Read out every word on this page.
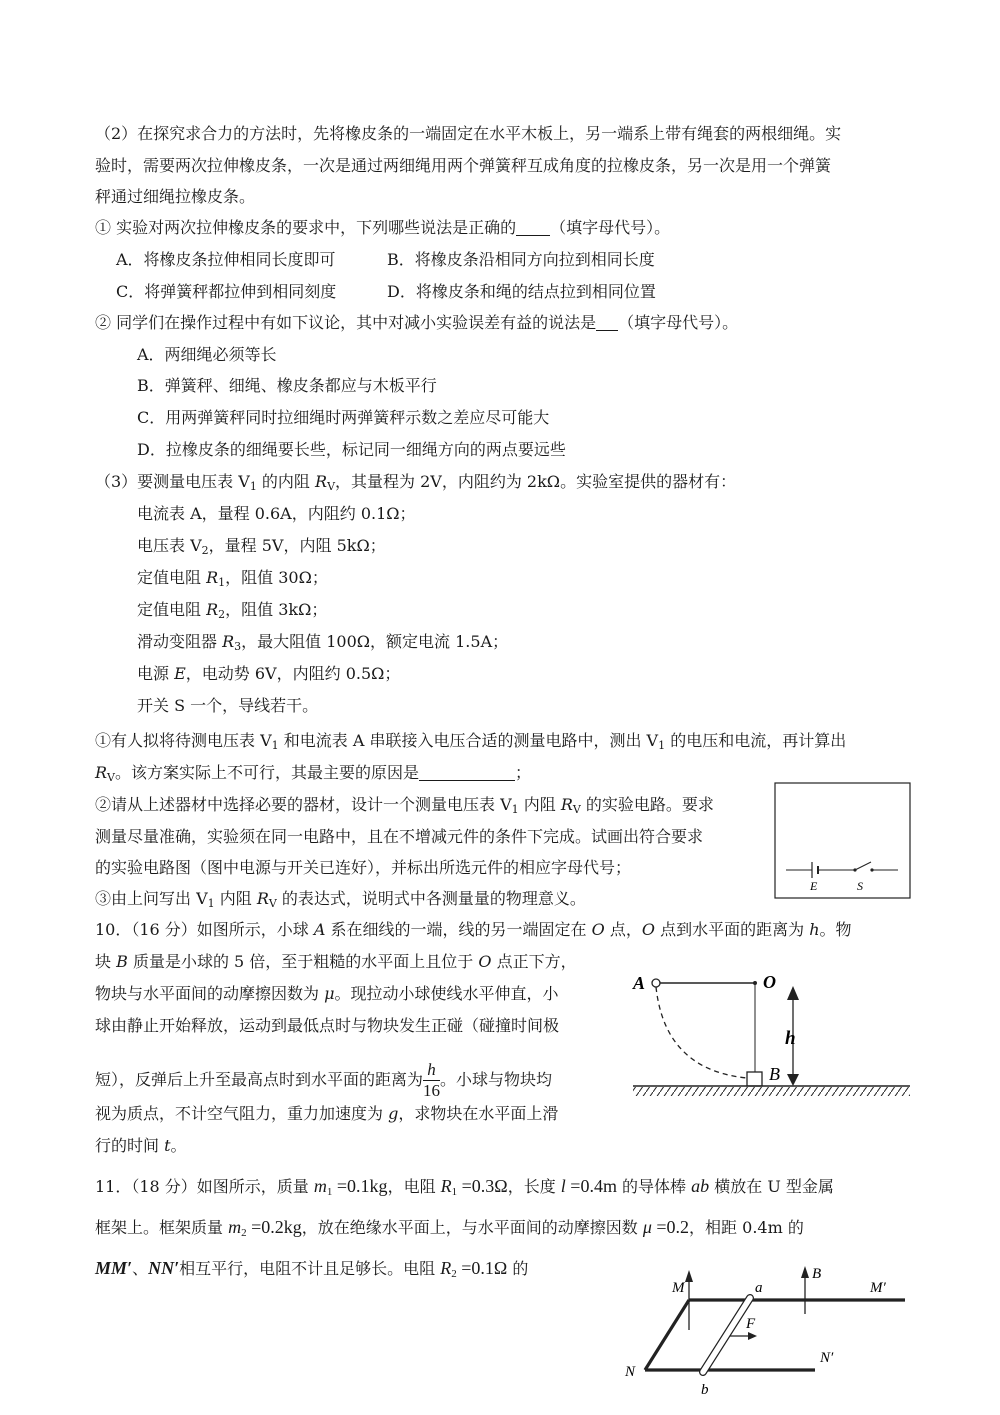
（2）在探究求合力的方法时，先将橡皮条的一端固定在水平木板上，另一端系上带有绳套的两根细绳。实
验时，需要两次拉伸橡皮条，一次是通过两细绳用两个弹簧秤互成角度的拉橡皮条，另一次是用一个弹簧
秤通过细绳拉橡皮条。
① 实验对两次拉伸橡皮条的要求中，下列哪些说法是正确的 （填字母代号）。
A．将橡皮条拉伸相同长度即可	B．将橡皮条沿相同方向拉到相同长度
C．将弹簧秤都拉伸到相同刻度	D．将橡皮条和绳的结点拉到相同位置
② 同学们在操作过程中有如下议论，其中对减小实验误差有益的说法是 （填字母代号）。
A．两细绳必须等长
B．弹簧秤、细绳、橡皮条都应与木板平行
C．用两弹簧秤同时拉细绳时两弹簧秤示数之差应尽可能大
D．拉橡皮条的细绳要长些，标记同一细绳方向的两点要远些
（3）要测量电压表 $V_1$ 的内阻 $R_V$，其量程为 2V，内阻约为 2kΩ。实验室提供的器材有：
电流表 A，量程 0.6A，内阻约 0.1Ω；
电压表 $V_2$，量程 5V，内阻 5kΩ；
定值电阻 $R_1$，阻值 30Ω；
定值电阻 $R_2$，阻值 3kΩ；
滑动变阻器 $R_3$，最大阻值 100Ω，额定电流 1.5A；
电源 E，电动势 6V，内阻约 0.5Ω；
开关 S 一个，导线若干。
①有人拟将待测电压表 $V_1$ 和电流表 A 串联接入电压合适的测量电路中，测出 $V_1$ 的电压和电流，再计算出
$R_V$。该方案实际上不可行，其最主要的原因是	；
②请从上述器材中选择必要的器材，设计一个测量电压表 $V_1$ 内阻 $R_V$ 的实验电路。要求
测量尽量准确，实验须在同一电路中，且在不增减元件的条件下完成。试画出符合要求
的实验电路图（图中电源与开关已连好），并标出所选元件的相应字母代号；
③由上问写出 $V_1$ 内阻 $R_V$ 的表达式，说明式中各测量量的物理意义。
E	S
10．（16 分）如图所示，小球 A 系在细线的一端，线的另一端固定在 O 点，O 点到水平面的距离为 h。物
块 B 质量是小球的 5 倍，至于粗糙的水平面上且位于 O 点正下方，
物块与水平面间的动摩擦因数为 μ。现拉动小球使线水平伸直，小
球由静止开始释放，运动到最低点时与物块发生正碰（碰撞时间极
短），反弹后上升至最高点时到水平面的距离为 $\frac{h}{16}$ 。小球与物块均
视为质点，不计空气阻力，重力加速度为 g，求物块在水平面上滑
行的时间 t。
A	O
B
h
11．（18 分）如图所示，质量 $m_1 =0.1kg$，电阻 $R_1 =0.3\Omega$，长度 l =0.4m 的导体棒 ab 横放在 U 型金属
框架上。框架质量 $m_2 =0.2kg$，放在绝缘水平面上，与水平面间的动摩擦因数 μ =0.2，相距 0.4m 的
MM′、NN′相互平行，电阻不计且足够长。电阻 $R_2 =0.1\Omega$ 的	B
M	M′
N
N′
a
b
F
